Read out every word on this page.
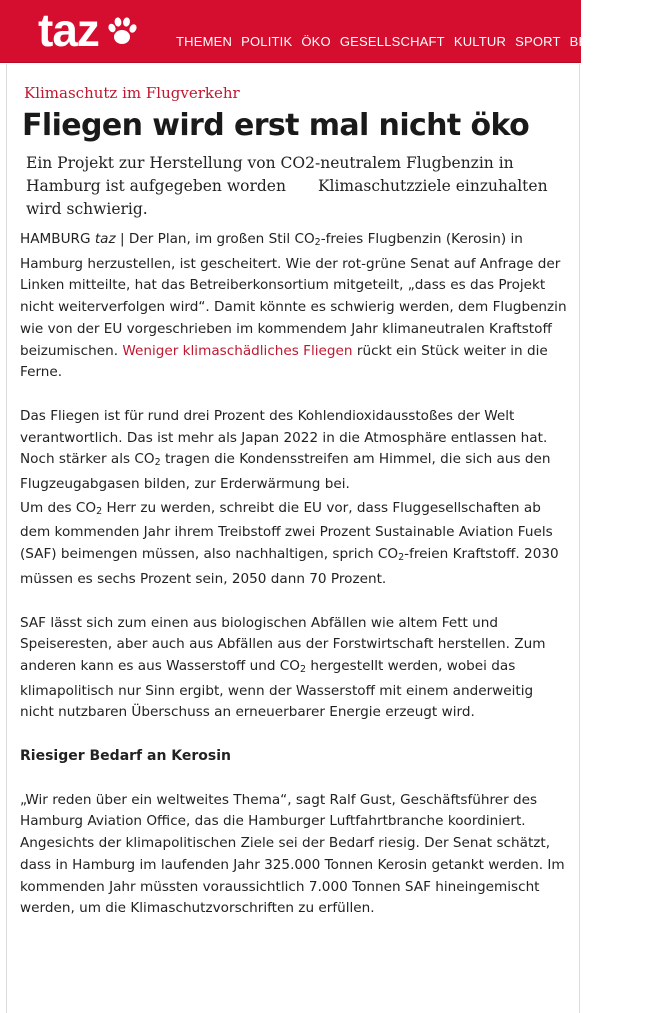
taz	THEMEN POLITIK ÖKO GESELLSCHAFT KULTUR SPORT BERLIN N
Klimaschutz im Flugverkehr
Fliegen wird erst mal nicht öko
Ein Projekt zur Herstellung von CO2-neutralem Flugbenzin in Hamburg ist aufgegeben worden Klimaschutzziele einzuhalten wird schwierig.

HAMBURG taz | Der Plan, im großen Stil $CO_2$-freies Flugbenzin (Kerosin) in Hamburg herzustellen, ist gescheitert. Wie der rot-grüne Senat auf Anfrage der Linken mitteilte, hat das Betreiberkonsortium mitgeteilt, „dass es das Projekt nicht weiterverfolgen wird“. Damit könnte es schwierig werden, dem Flugbenzin wie von der EU vorgeschrieben im kommendem Jahr klimaneutralen Kraftstoff beizumischen. Weniger klimaschädliches Fliegen rückt ein Stück weiter in die Ferne.

Das Fliegen ist für rund drei Prozent des Kohlendioxidausstoßes der Welt verantwortlich. Das ist mehr als Japan 2022 in die Atmosphäre entlassen hat. Noch stärker als $CO_2$ tragen die Kondensstreifen am Himmel, die sich aus den Flugzeugabgasen bilden, zur Erderwärmung bei.

Um des $CO_2$ Herr zu werden, schreibt die EU vor, dass Fluggesellschaften ab dem kommenden Jahr ihrem Treibstoff zwei Prozent Sustainable Aviation Fuels (SAF) beimengen müssen, also nachhaltigen, sprich $CO_2$-freien Kraftstoff. 2030 müssen es sechs Prozent sein, 2050 dann 70 Prozent.

SAF lässt sich zum einen aus biologischen Abfällen wie altem Fett und Speiseresten, aber auch aus Abfällen aus der Forstwirtschaft herstellen. Zum anderen kann es aus Wasserstoff und $CO_2$ hergestellt werden, wobei das klimapolitisch nur Sinn ergibt, wenn der Wasserstoff mit einem anderweitig nicht nutzbaren Überschuss an erneuerbarer Energie erzeugt wird.

Riesiger Bedarf an Kerosin

„Wir reden über ein weltweites Thema“, sagt Ralf Gust, Geschäftsführer des Hamburg Aviation Office, das die Hamburger Luftfahrtbranche koordiniert. Angesichts der klimapolitischen Ziele sei der Bedarf riesig. Der Senat schätzt, dass in Hamburg im laufenden Jahr 325.000 Tonnen Kerosin getankt werden. Im kommenden Jahr müssten voraussichtlich 7.000 Tonnen SAF hineingemischt werden, um die Klimaschutzvorschriften zu erfüllen.
